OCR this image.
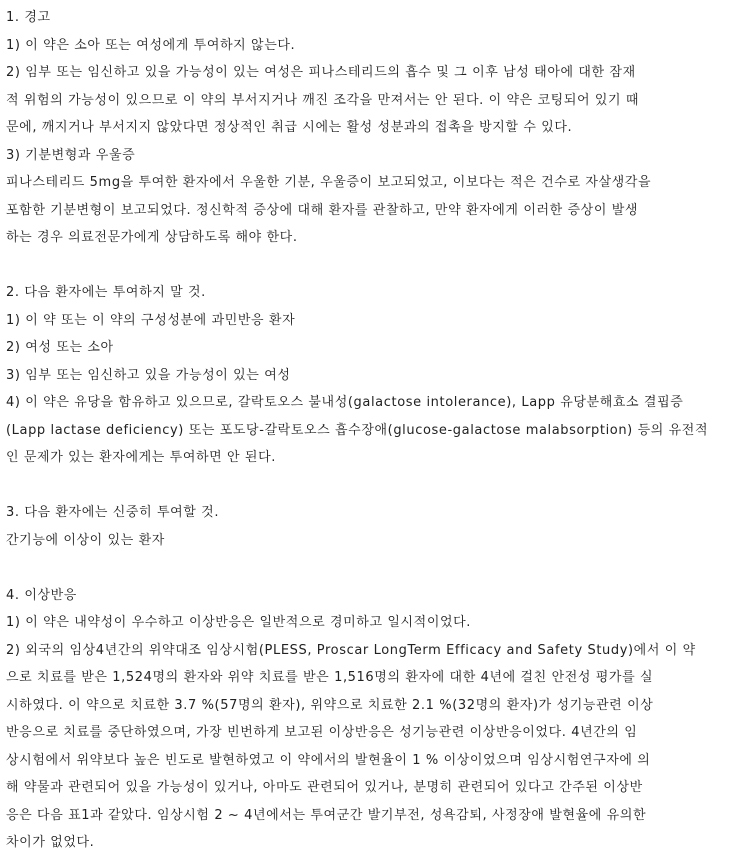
1. 경고
1) 이 약은 소아 또는 여성에게 투여하지 않는다.
2) 임부 또는 임신하고 있을 가능성이 있는 여성은 피나스테리드의 흡수 및 그 이후 남성 태아에 대한 잠재
적 위험의 가능성이 있으므로 이 약의 부서지거나 깨진 조각을 만져서는 안 된다. 이 약은 코팅되어 있기 때
문에, 깨지거나 부서지지 않았다면 정상적인 취급 시에는 활성 성분과의 접촉을 방지할 수 있다.
3) 기분변형과 우울증
피나스테리드 5mg을 투여한 환자에서 우울한 기분, 우울증이 보고되었고, 이보다는 적은 건수로 자살생각을
포함한 기분변형이 보고되었다. 정신학적 증상에 대해 환자를 관찰하고, 만약 환자에게 이러한 증상이 발생
하는 경우 의료전문가에게 상담하도록 해야 한다.
2. 다음 환자에는 투여하지 말 것.
1) 이 약 또는 이 약의 구성성분에 과민반응 환자
2) 여성 또는 소아
3) 임부 또는 임신하고 있을 가능성이 있는 여성
4) 이 약은 유당을 함유하고 있으므로, 갈락토오스 불내성(galactose intolerance), Lapp 유당분해효소 결핍증
(Lapp lactase deficiency) 또는 포도당-갈락토오스 흡수장애(glucose-galactose malabsorption) 등의 유전적
인 문제가 있는 환자에게는 투여하면 안 된다.
3. 다음 환자에는 신중히 투여할 것.
간기능에 이상이 있는 환자
4. 이상반응
1) 이 약은 내약성이 우수하고 이상반응은 일반적으로 경미하고 일시적이었다.
2) 외국의 임상4년간의 위약대조 임상시험(PLESS, Proscar LongTerm Efficacy and Safety Study)에서 이 약
으로 치료를 받은 1,524명의 환자와 위약 치료를 받은 1,516명의 환자에 대한 4년에 걸친 안전성 평가를 실
시하였다. 이 약으로 치료한 3.7 %(57명의 환자), 위약으로 치료한 2.1 %(32명의 환자)가 성기능관련 이상
반응으로 치료를 중단하였으며, 가장 빈번하게 보고된 이상반응은 성기능관련 이상반응이었다. 4년간의 임
상시험에서 위약보다 높은 빈도로 발현하였고 이 약에서의 발현율이 1 % 이상이었으며 임상시험연구자에 의
해 약물과 관련되어 있을 가능성이 있거나, 아마도 관련되어 있거나, 분명히 관련되어 있다고 간주된 이상반
응은 다음 표1과 같았다. 임상시험 2 ~ 4년에서는 투여군간 발기부전, 성욕감퇴, 사정장애 발현율에 유의한
차이가 없었다.
